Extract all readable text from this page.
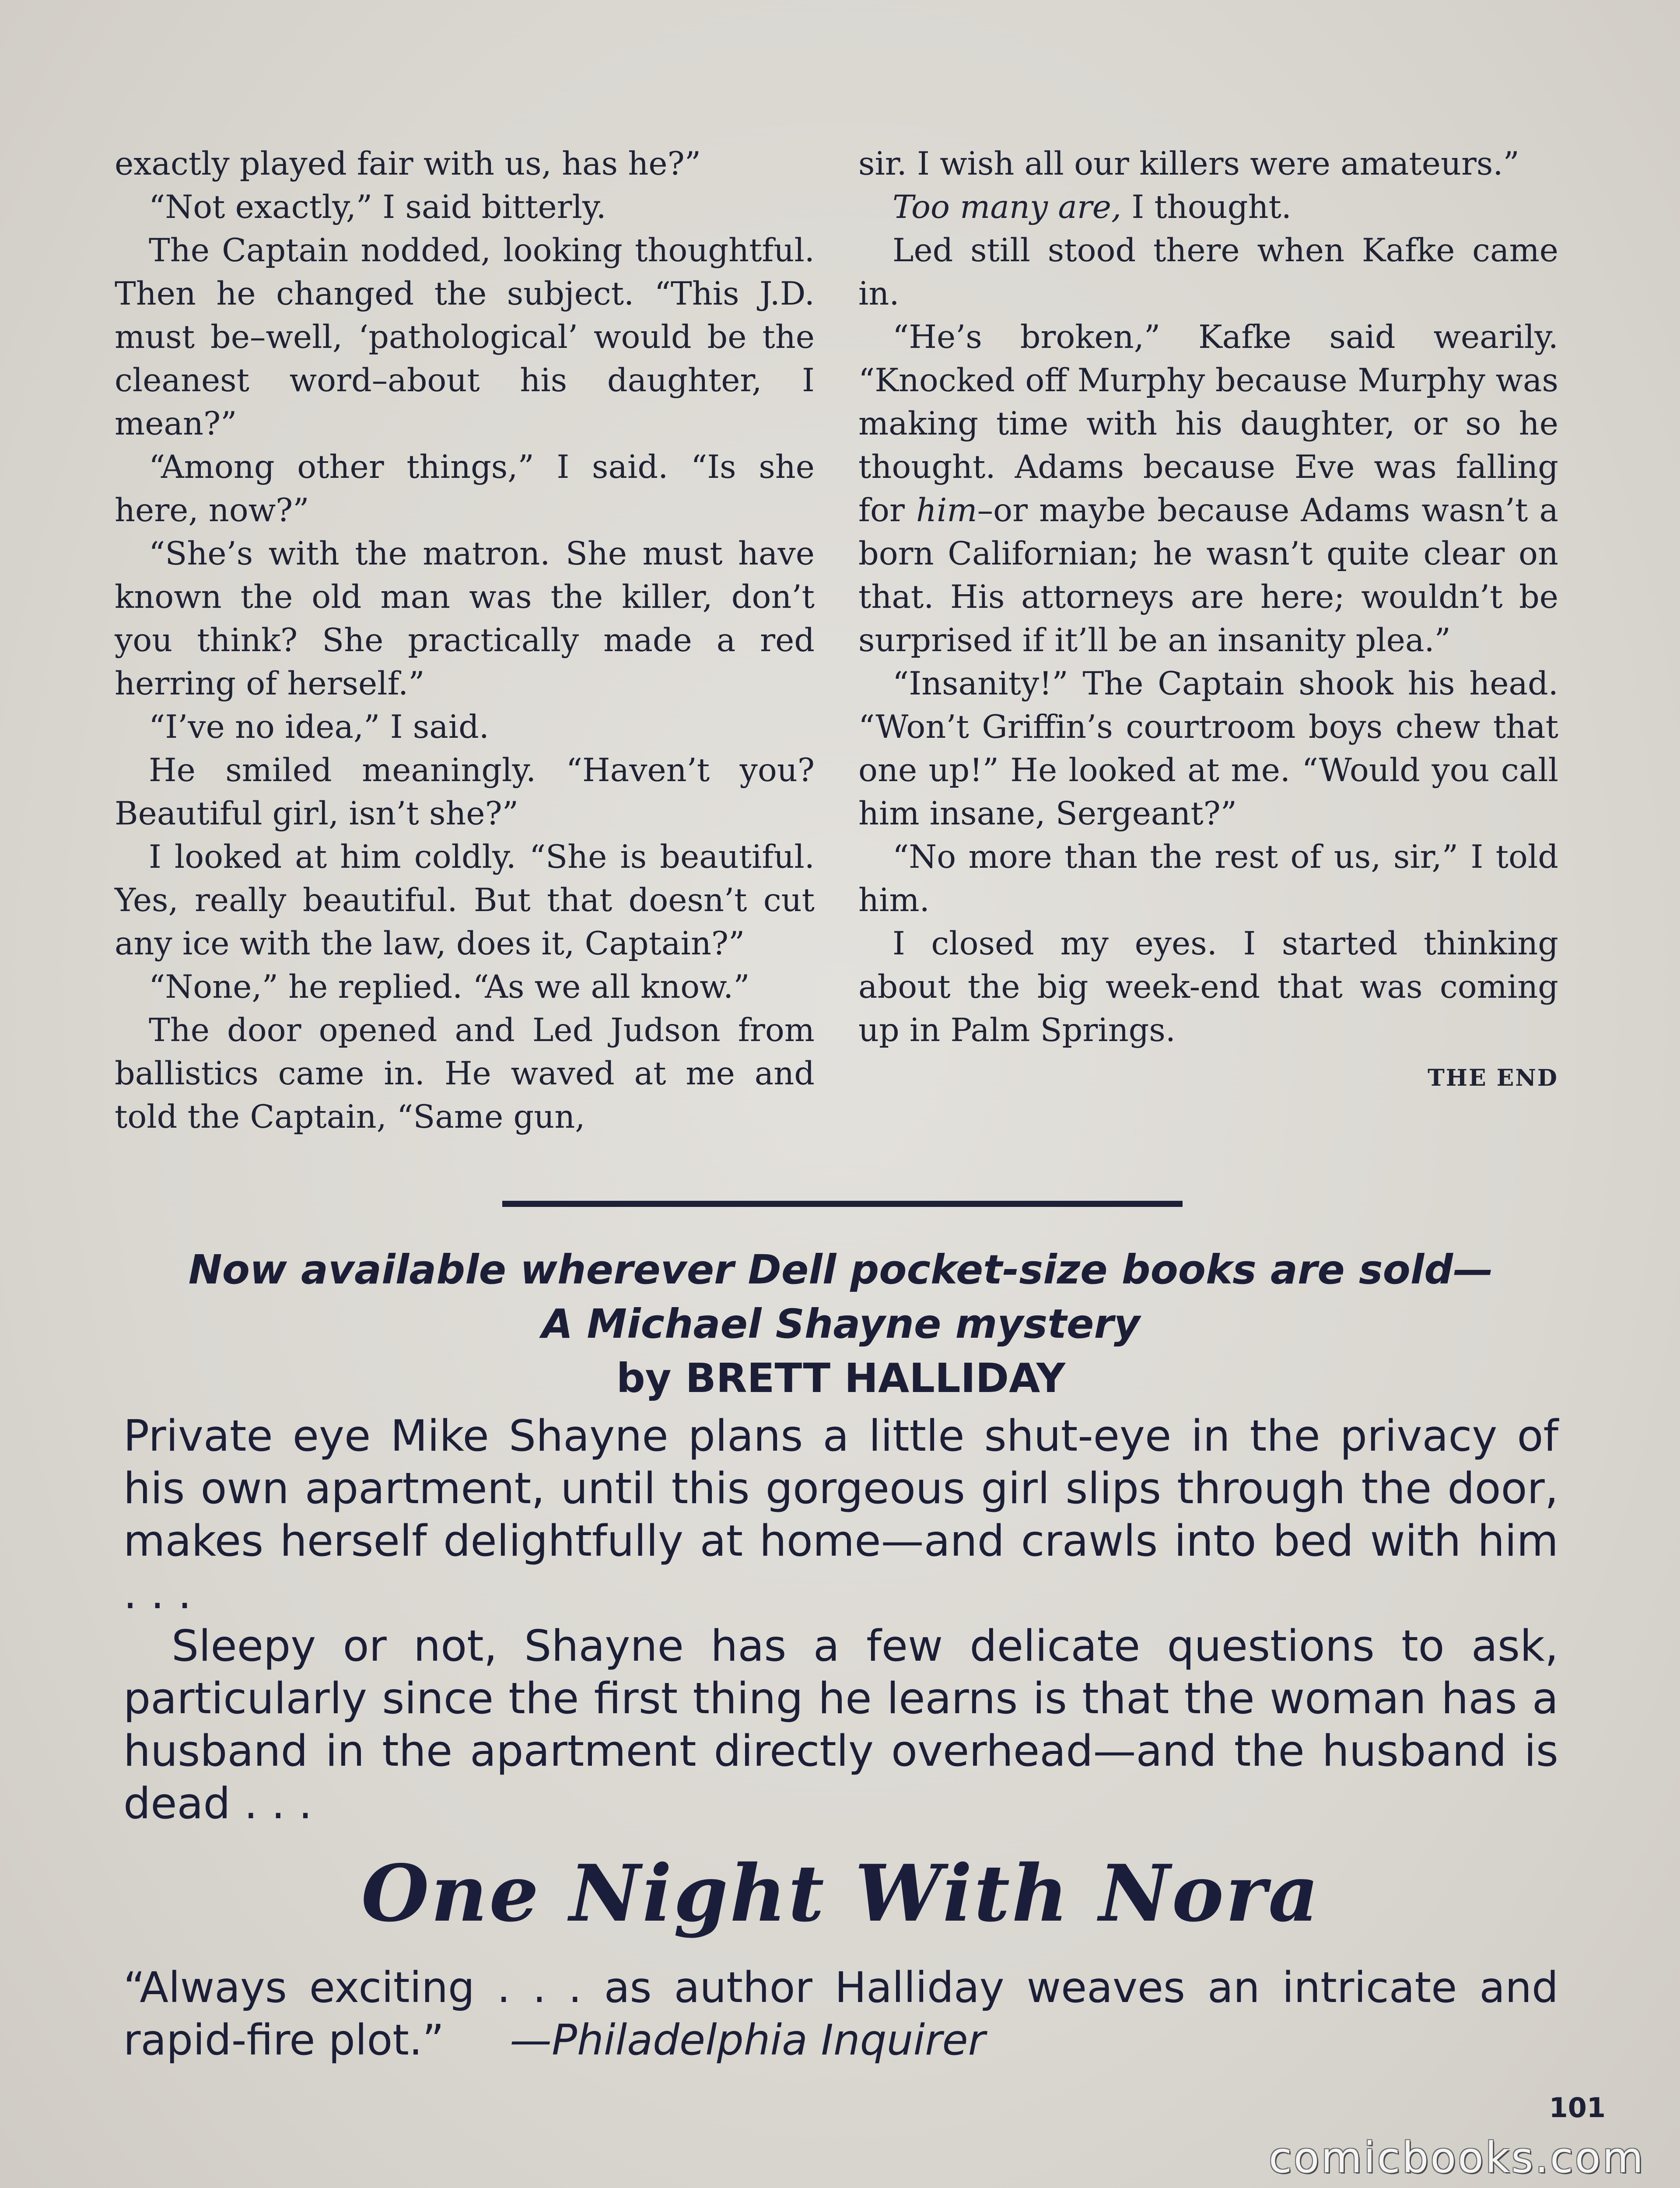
exactly played fair with us, has he?”

“Not exactly,” I said bitterly.

The Captain nodded, looking thoughtful. Then he changed the subject. “This J.D. must be–well, ‘pathological’ would be the cleanest word–about his daughter, I mean?”

“Among other things,” I said. “Is she here, now?”

“She’s with the matron. She must have known the old man was the killer, don’t you think? She practically made a red herring of herself.”

“I’ve no idea,” I said.

He smiled meaningly. “Haven’t you? Beautiful girl, isn’t she?”

I looked at him coldly. “She is beautiful. Yes, really beautiful. But that doesn’t cut any ice with the law, does it, Captain?”

“None,” he replied. “As we all know.”

The door opened and Led Judson from ballistics came in. He waved at me and told the Captain, “Same gun,

sir. I wish all our killers were amateurs.”

Too many are, I thought.

Led still stood there when Kafke came in.

“He’s broken,” Kafke said wearily. “Knocked off Murphy because Murphy was making time with his daughter, or so he thought. Adams because Eve was falling for him–or maybe because Adams wasn’t a born Californian; he wasn’t quite clear on that. His attorneys are here; wouldn’t be surprised if it’ll be an insanity plea.”

“Insanity!” The Captain shook his head. “Won’t Griffin’s courtroom boys chew that one up!” He looked at me. “Would you call him insane, Sergeant?”

“No more than the rest of us, sir,” I told him.

I closed my eyes. I started thinking about the big week-end that was coming up in Palm Springs.

THE END

Now available wherever Dell pocket-size books are sold—

A Michael Shayne mystery

by BRETT HALLIDAY

Private eye Mike Shayne plans a little shut-eye in the privacy of his own apartment, until this gorgeous girl slips through the door, makes herself delightfully at home—and crawls into bed with him . . .

Sleepy or not, Shayne has a few delicate questions to ask, particularly since the first thing he learns is that the woman has a husband in the apartment directly overhead—and the husband is dead . . .

One Night With Nora

“Always exciting . . . as author Halliday weaves an intricate and rapid-fire plot.” —Philadelphia Inquirer

101
comicbooks.com
